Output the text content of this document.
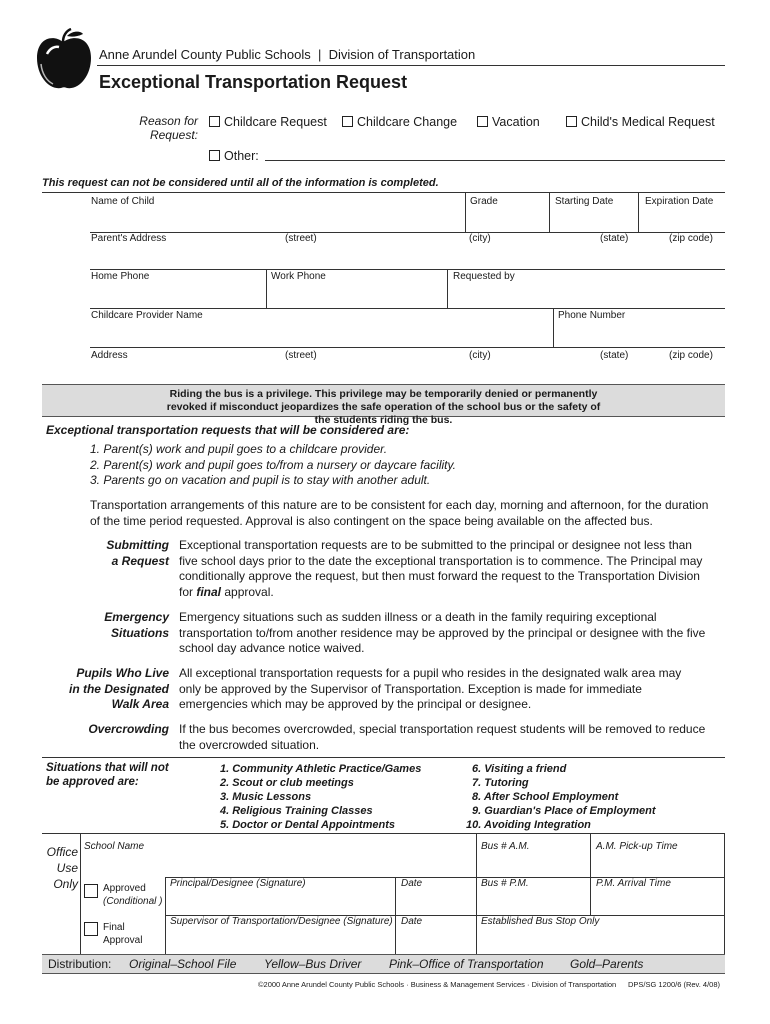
Anne Arundel County Public Schools  |  Division of Transportation
Exceptional Transportation Request
Reason for
Request:
Childcare Request	Childcare Change	Vacation	Child's Medical Request
Other:
This request can not be considered until all of the information is completed.
Name of Child	Grade	Starting Date	Expiration Date
Parent's Address	(street)	(city)	(state)	(zip code)
Home Phone	Work Phone	Requested by
Childcare Provider Name	Phone Number
Address	(street)	(city)	(state)	(zip code)
Riding the bus is a privilege. This privilege may be temporarily denied or permanently revoked if misconduct jeopardizes the safe operation of the school bus or the safety of the students riding the bus.
Exceptional transportation requests that will be considered are:
1. Parent(s) work and pupil goes to a childcare provider.
2. Parent(s) work and pupil goes to/from a nursery or daycare facility.
3. Parents go on vacation and pupil is to stay with another adult.

Transportation arrangements of this nature are to be consistent for each day, morning and afternoon, for the duration of the time period requested. Approval is also contingent on the space being available on the affected bus.

Submitting
a Request
Exceptional transportation requests are to be submitted to the principal or designee not less than five school days prior to the date the exceptional transportation is to commence. The Principal may conditionally approve the request, but then must forward the request to the Transportation Division for final approval.
Emergency
Situations
Emergency situations such as sudden illness or a death in the family requiring exceptional transportation to/from another residence may be approved by the principal or designee with the five school day advance notice waived.
Pupils Who Live
in the Designated
Walk Area
All exceptional transportation requests for a pupil who resides in the designated walk area may only be approved by the Supervisor of Transportation. Exception is made for immediate emergencies which may be approved by the principal or designee.
Overcrowding If the bus becomes overcrowded, special transportation request students will be removed to reduce the overcrowded situation.
Situations that will not
be approved are:
1. Community Athletic Practice/Games
2. Scout or club meetings
3. Music Lessons
4. Religious Training Classes
5. Doctor or Dental Appointments
6. Visiting a friend
7. Tutoring
8. After School Employment
9. Guardian's Place of Employment
10. Avoiding Integration
Office
Use
Only
School Name	Bus # A.M.	A.M. Pick-up Time
Approved
(Conditional )
Principal/Designee (Signature)	Date	Bus # P.M.	P.M. Arrival Time
Final
Approval
Supervisor of Transportation/Designee (Signature) Date	Established Bus Stop Only
Distribution: Original–School File Yellow–Bus Driver Pink–Office of Transportation Gold–Parents
©2000 Anne Arundel County Public Schools · Business & Management Services · Division of Transportation DPS/SG 1200/6 (Rev. 4/08)
